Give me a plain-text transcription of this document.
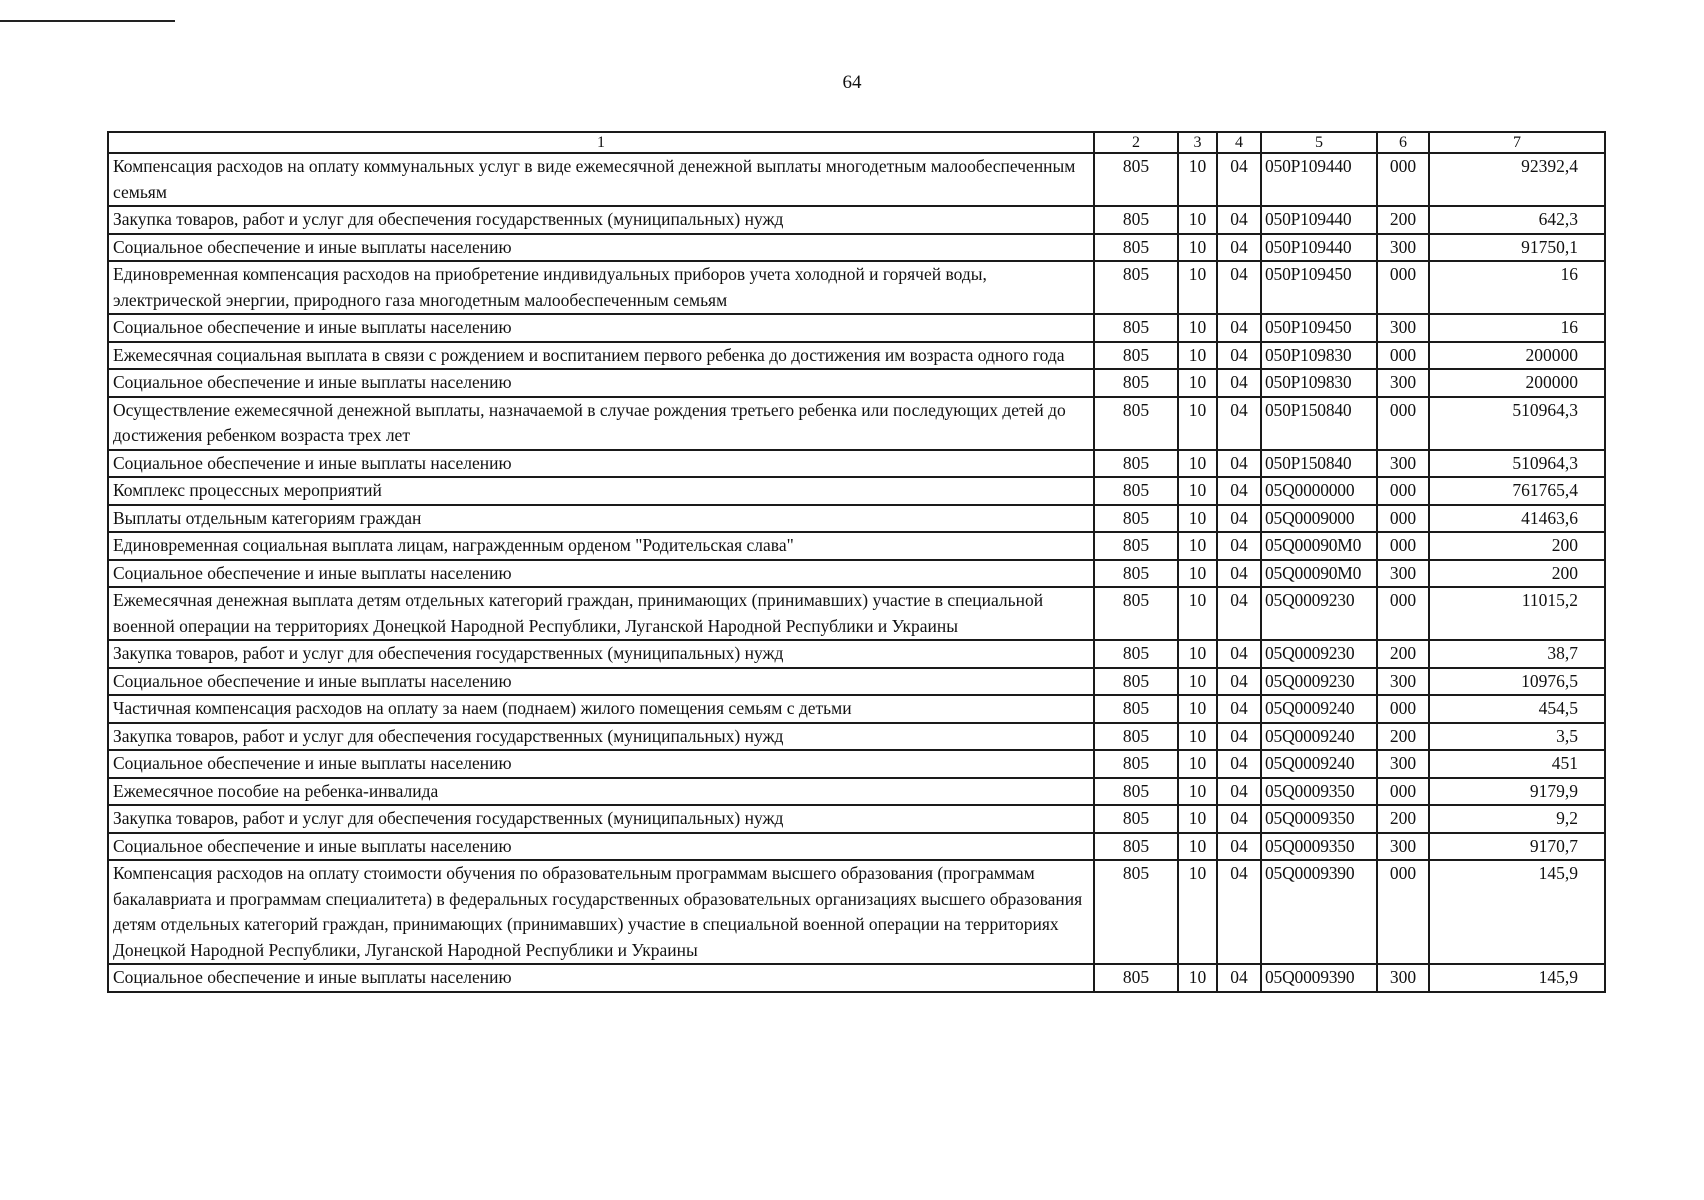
64
1	2	3	4	5	6	7
Компенсация расходов на оплату коммунальных услуг в виде ежемесячной денежной выплаты многодетным малообеспеченным семьям	805	10	04	050P109440	000	92392,4
Закупка товаров, работ и услуг для обеспечения государственных (муниципальных) нужд	805	10	04	050P109440	200	642,3
Социальное обеспечение и иные выплаты населению	805	10	04	050P109440	300	91750,1
Единовременная компенсация расходов на приобретение индивидуальных приборов учета холодной и горячей воды, электрической энергии, природного газа многодетным малообеспеченным семьям	805	10	04	050P109450	000	16
Социальное обеспечение и иные выплаты населению	805	10	04	050P109450	300	16
Ежемесячная социальная выплата в связи с рождением и воспитанием первого ребенка до достижения им возраста одного года	805	10	04	050P109830	000	200000
Социальное обеспечение и иные выплаты населению	805	10	04	050P109830	300	200000
Осуществление ежемесячной денежной выплаты, назначаемой в случае рождения третьего ребенка или последующих детей до достижения ребенком возраста трех лет	805	10	04	050P150840	000	510964,3
Социальное обеспечение и иные выплаты населению	805	10	04	050P150840	300	510964,3
Комплекс процессных мероприятий	805	10	04	05Q0000000	000	761765,4
Выплаты отдельным категориям граждан	805	10	04	05Q0009000	000	41463,6
Единовременная социальная выплата лицам, награжденным орденом "Родительская слава"	805	10	04	05Q00090M0	000	200
Социальное обеспечение и иные выплаты населению	805	10	04	05Q00090M0	300	200
Ежемесячная денежная выплата детям отдельных категорий граждан, принимающих (принимавших) участие в специальной военной операции на территориях Донецкой Народной Республики, Луганской Народной Республики и Украины	805	10	04	05Q0009230	000	11015,2
Закупка товаров, работ и услуг для обеспечения государственных (муниципальных) нужд	805	10	04	05Q0009230	200	38,7
Социальное обеспечение и иные выплаты населению	805	10	04	05Q0009230	300	10976,5
Частичная компенсация расходов на оплату за наем (поднаем) жилого помещения семьям с детьми	805	10	04	05Q0009240	000	454,5
Закупка товаров, работ и услуг для обеспечения государственных (муниципальных) нужд	805	10	04	05Q0009240	200	3,5
Социальное обеспечение и иные выплаты населению	805	10	04	05Q0009240	300	451
Ежемесячное пособие на ребенка-инвалида	805	10	04	05Q0009350	000	9179,9
Закупка товаров, работ и услуг для обеспечения государственных (муниципальных) нужд	805	10	04	05Q0009350	200	9,2
Социальное обеспечение и иные выплаты населению	805	10	04	05Q0009350	300	9170,7
Компенсация расходов на оплату стоимости обучения по образовательным программам высшего образования (программам бакалавриата и программам специалитета) в федеральных государственных образовательных организациях высшего образования детям отдельных категорий граждан, принимающих (принимавших) участие в специальной военной операции на территориях Донецкой Народной Республики, Луганской Народной Республики и Украины	805	10	04	05Q0009390	000	145,9
Социальное обеспечение и иные выплаты населению	805	10	04	05Q0009390	300	145,9
